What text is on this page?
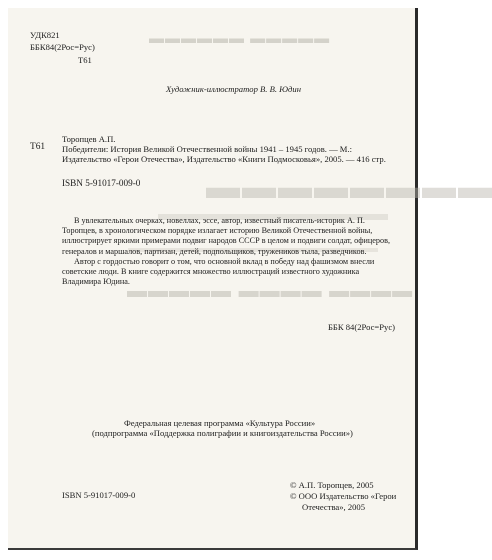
▬▬▬▬▬ ▬▬▬▬▬▬
▬▬▬▬▬▬▬▬
▬▬▬▬ ▬▬▬▬ ▬▬▬▬▬
УДК821
ББК84(2Рос=Рус)
Т61
Художник-иллюстратор В. В. Юдин
Торопцев А.П.
Т61 Победители: История Великой Отечественной войны 1941 – 1945 годов. — М.:
Издательство «Герои Отечества», Издательство «Книги Подмосковья», 2005. — 416 стр.
ISBN 5-91017-009-0

В увлекательных очерках, новеллах, эссе, автор, известный писатель-историк А. П. Торопцев, в хронологическом порядке излагает историю Великой Отечественной войны, иллюстрирует яркими примерами подвиг народов СССР в целом и подвиги солдат, офицеров, генералов и маршалов, партизан, детей, подпольщиков, тружеников тыла, разведчиков.

Автор с гордостью говорит о том, что основной вклад в победу над фашизмом внесли советские люди. В книге содержится множество иллюстраций известного художника Владимира Юдина.

ББК 84(2Рос=Рус)
Федеральная целевая программа «Культура России»
(подпрограмма «Поддержка полиграфии и книгоиздательства России»)
ISBN 5-91017-009-0
© А.П. Торопцев, 2005
© ООО Издательство «Герои
Отечества», 2005
